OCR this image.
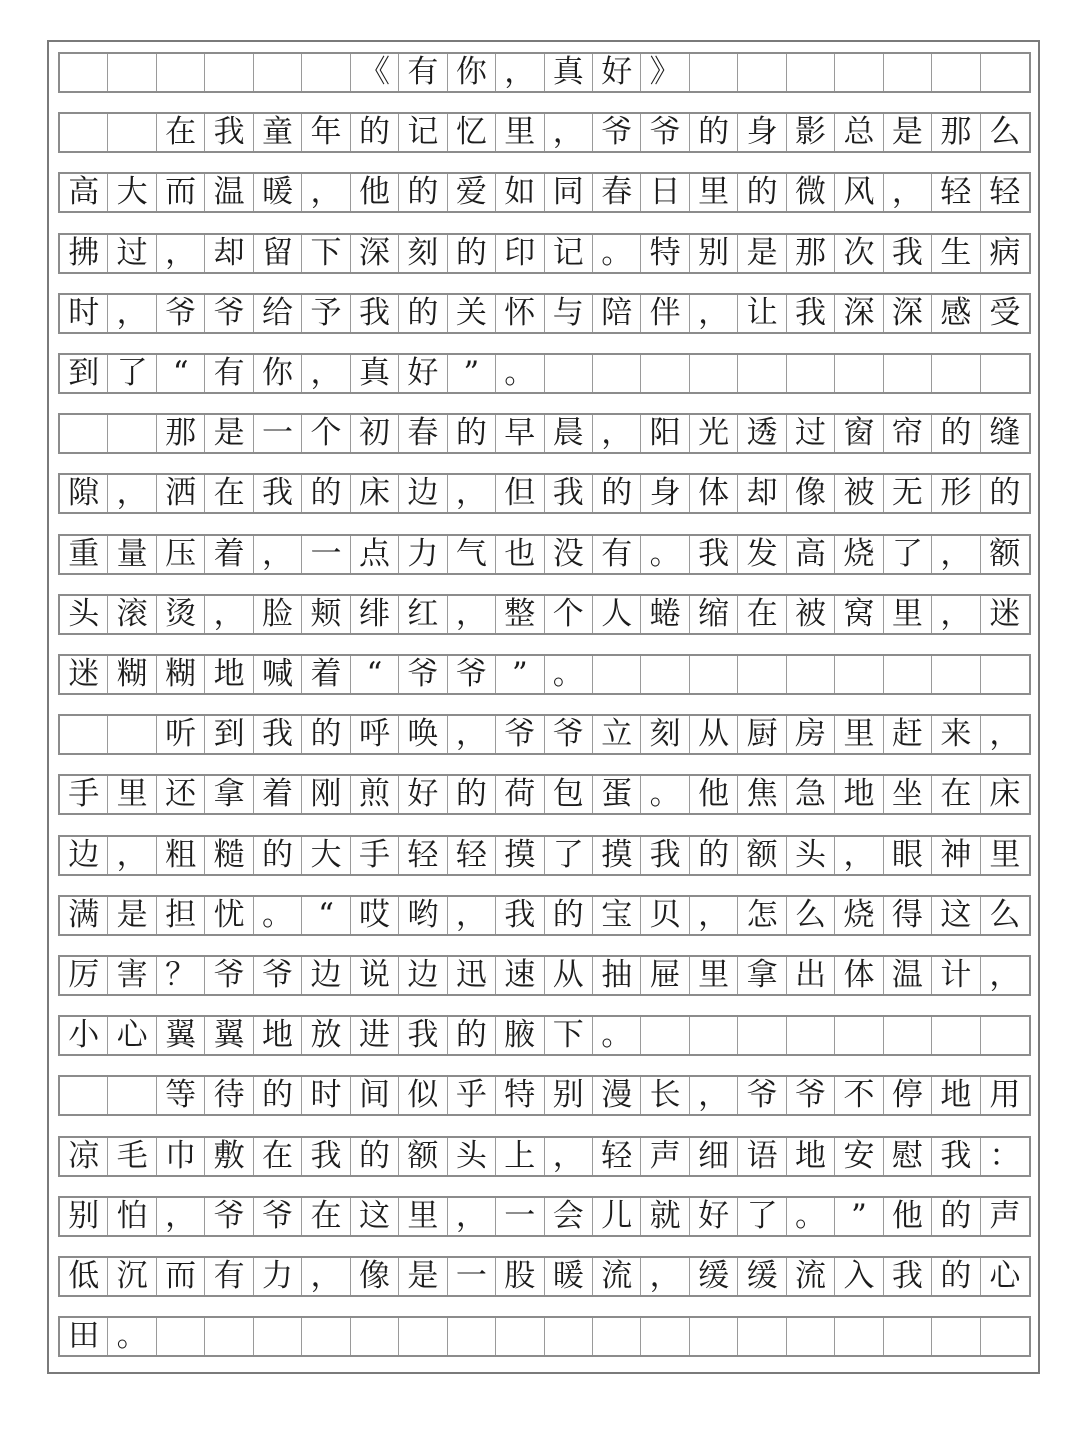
《 有 你 ， 真 好 》
在 我 童 年 的 记 忆 里 ， 爷 爷 的 身 影 总 是 那 么
高 大 而 温 暖 ， 他 的 爱 如 同 春 日 里 的 微 风 ， 轻 轻
拂 过 ， 却 留 下 深 刻 的 印 记 。 特 别 是 那 次 我 生 病
时 ， 爷 爷 给 予 我 的 关 怀 与 陪 伴 ， 让 我 深 深 感 受
到 了 “ 有 你 ， 真 好 ” 。
那 是 一 个 初 春 的 早 晨 ， 阳 光 透 过 窗 帘 的 缝
隙 ， 洒 在 我 的 床 边 ， 但 我 的 身 体 却 像 被 无 形 的
重 量 压 着 ， 一 点 力 气 也 没 有 。 我 发 高 烧 了 ， 额
头 滚 烫 ， 脸 颊 绯 红 ， 整 个 人 蜷 缩 在 被 窝 里 ， 迷
迷 糊 糊 地 喊 着 “ 爷 爷 ” 。
听 到 我 的 呼 唤 ， 爷 爷 立 刻 从 厨 房 里 赶 来 ，
手 里 还 拿 着 刚 煎 好 的 荷 包 蛋 。 他 焦 急 地 坐 在 床
边 ， 粗 糙 的 大 手 轻 轻 摸 了 摸 我 的 额 头 ， 眼 神 里
满 是 担 忧 。 “ 哎 哟 ， 我 的 宝 贝 ， 怎 么 烧 得 这 么
厉 害 ？ 爷 爷 边 说 边 迅 速 从 抽 屉 里 拿 出 体 温 计 ，
小 心 翼 翼 地 放 进 我 的 腋 下 。
等 待 的 时 间 似 乎 特 别 漫 长 ， 爷 爷 不 停 地 用
凉 毛 巾 敷 在 我 的 额 头 上 ， 轻 声 细 语 地 安 慰 我 ：
别 怕 ， 爷 爷 在 这 里 ， 一 会 儿 就 好 了 。 ” 他 的 声
低 沉 而 有 力 ， 像 是 一 股 暖 流 ， 缓 缓 流 入 我 的 心
田 。
